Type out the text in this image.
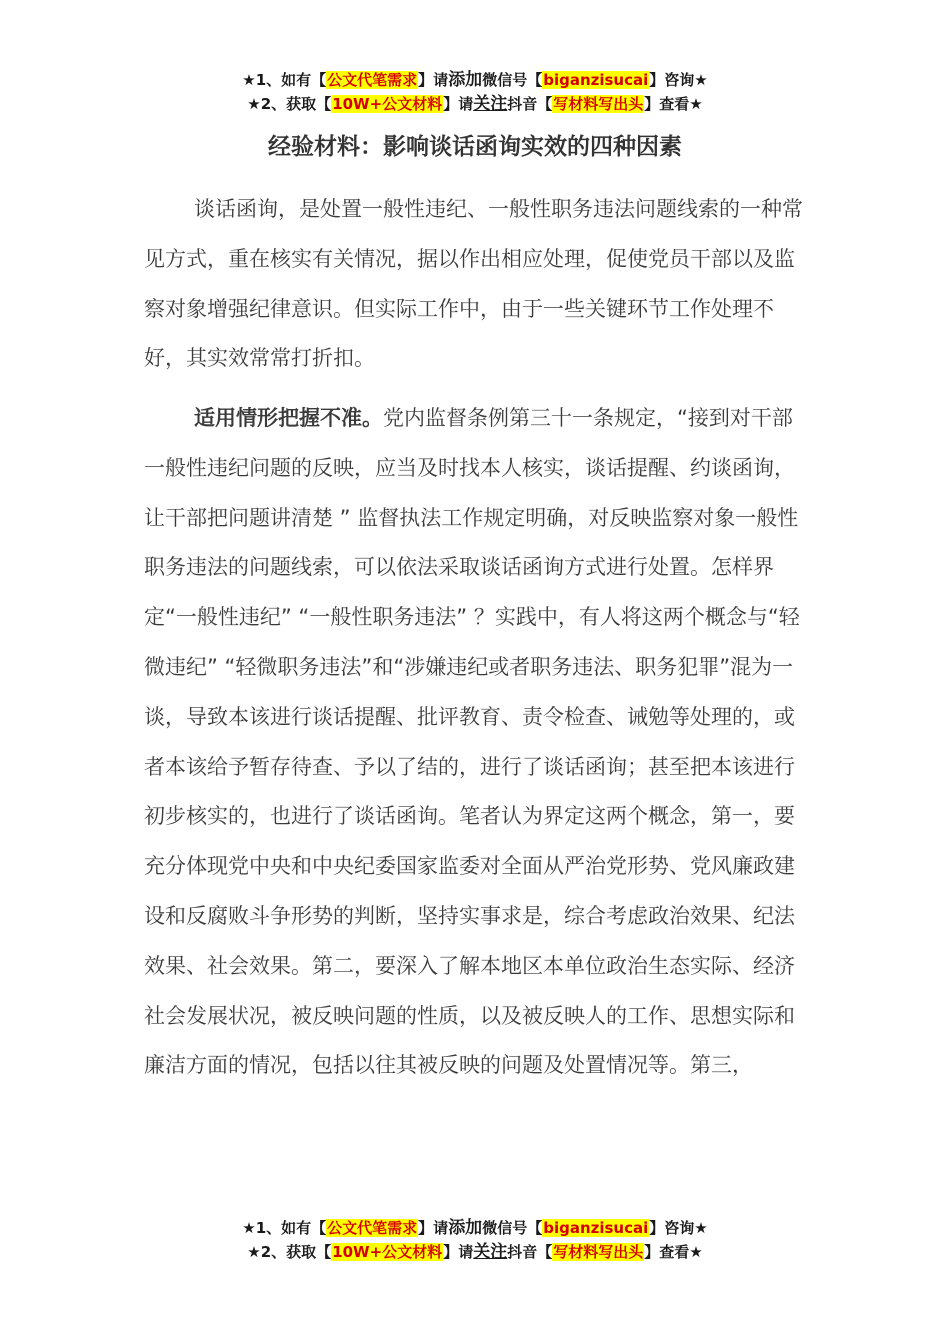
★1、如有【公文代笔需求】请添加微信号【biganzisucai】咨询★
★2、获取【10W+公文材料】请关注抖音【写材料写出头】查看★
经验材料：影响谈话函询实效的四种因素

谈话函询，是处置一般性违纪、一般性职务违法问题线索的一种常见方式，重在核实有关情况，据以作出相应处理，促使党员干部以及监察对象增强纪律意识。但实际工作中，由于一些关键环节工作处理不好，其实效常常打折扣。

适用情形把握不准。党内监督条例第三十一条规定，“接到对干部一般性违纪问题的反映，应当及时找本人核实，谈话提醒、约谈函询，让干部把问题讲清楚 ” 监督执法工作规定明确，对反映监察对象一般性职务违法的问题线索，可以依法采取谈话函询方式进行处置。怎样界定“一般性违纪” “一般性职务违法” ？实践中，有人将这两个概念与“轻微违纪” “轻微职务违法”和“涉嫌违纪或者职务违法、职务犯罪”混为一谈，导致本该进行谈话提醒、批评教育、责令检查、诫勉等处理的，或者本该给予暂存待查、予以了结的，进行了谈话函询；甚至把本该进行初步核实的，也进行了谈话函询。笔者认为界定这两个概念，第一，要充分体现党中央和中央纪委国家监委对全面从严治党形势、党风廉政建设和反腐败斗争形势的判断，坚持实事求是，综合考虑政治效果、纪法效果、社会效果。第二，要深入了解本地区本单位政治生态实际、经济社会发展状况，被反映问题的性质，以及被反映人的工作、思想实际和廉洁方面的情况，包括以往其被反映的问题及处置情况等。第三，

★1、如有【公文代笔需求】请添加微信号【biganzisucai】咨询★
★2、获取【10W+公文材料】请关注抖音【写材料写出头】查看★
